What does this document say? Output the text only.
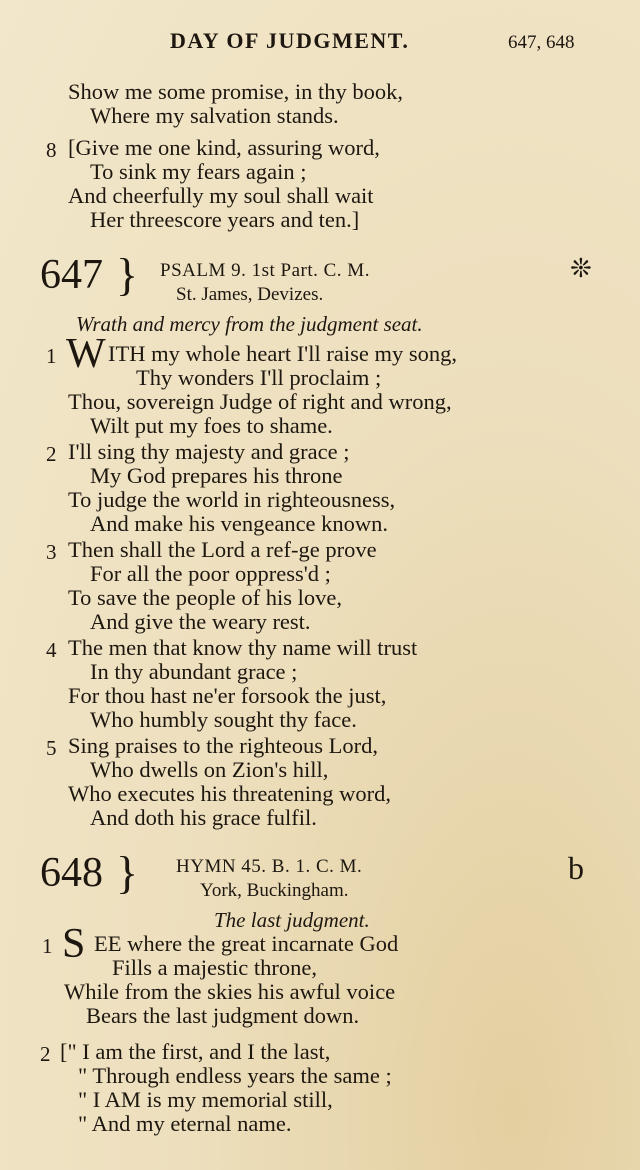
DAY OF JUDGMENT.	647, 648
Show me some promise, in thy book,
Where my salvation stands.
8 [Give me one kind, assuring word,
To sink my fears again ;
And cheerfully my soul shall wait
Her threescore years and ten.]
647 } PSALM 9. 1st Part. C. M.	❊
St. James, Devizes.
Wrath and mercy from the judgment seat.
1 W ITH my whole heart I'll raise my song,
Thy wonders I'll proclaim ;
Thou, sovereign Judge of right and wrong,
Wilt put my foes to shame.
2 I'll sing thy majesty and grace ;
My God prepares his throne
To judge the world in righteousness,
And make his vengeance known.
3 Then shall the Lord a ref-ge prove
For all the poor oppress'd ;
To save the people of his love,
And give the weary rest.
4 The men that know thy name will trust
In thy abundant grace ;
For thou hast ne'er forsook the just,
Who humbly sought thy face.
5 Sing praises to the righteous Lord,
Who dwells on Zion's hill,
Who executes his threatening word,
And doth his grace fulfil.
648 } HYMN 45. B. 1. C. M.	b
York, Buckingham.
The last judgment.
1 S EE where the great incarnate God
Fills a majestic throne,
While from the skies his awful voice
Bears the last judgment down.
2 [" I am the first, and I the last,
" Through endless years the same ;
" I AM is my memorial still,
" And my eternal name.
